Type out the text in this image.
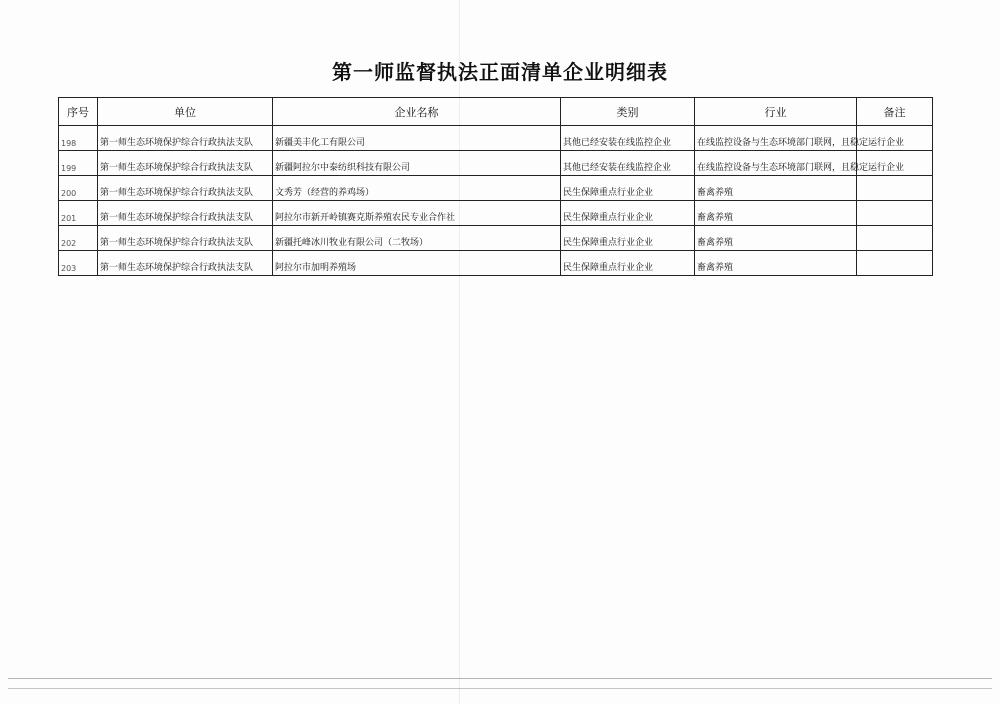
第一师监督执法正面清单企业明细表
序号	单位	企业名称	类别	行业	备注
198	第一师生态环境保护综合行政执法支队	新疆美丰化工有限公司	其他已经安装在线监控企业	在线监控设备与生态环境部门联网，且稳定运行企业	
199	第一师生态环境保护综合行政执法支队	新疆阿拉尔中泰纺织科技有限公司	其他已经安装在线监控企业	在线监控设备与生态环境部门联网，且稳定运行企业	
200	第一师生态环境保护综合行政执法支队	文秀芳（经营的养鸡场）	民生保障重点行业企业	畜禽养殖	
201	第一师生态环境保护综合行政执法支队	阿拉尔市新开岭镇赛克斯养殖农民专业合作社	民生保障重点行业企业	畜禽养殖	
202	第一师生态环境保护综合行政执法支队	新疆托峰冰川牧业有限公司（二牧场）	民生保障重点行业企业	畜禽养殖	
203	第一师生态环境保护综合行政执法支队	阿拉尔市加明养殖场	民生保障重点行业企业	畜禽养殖	
